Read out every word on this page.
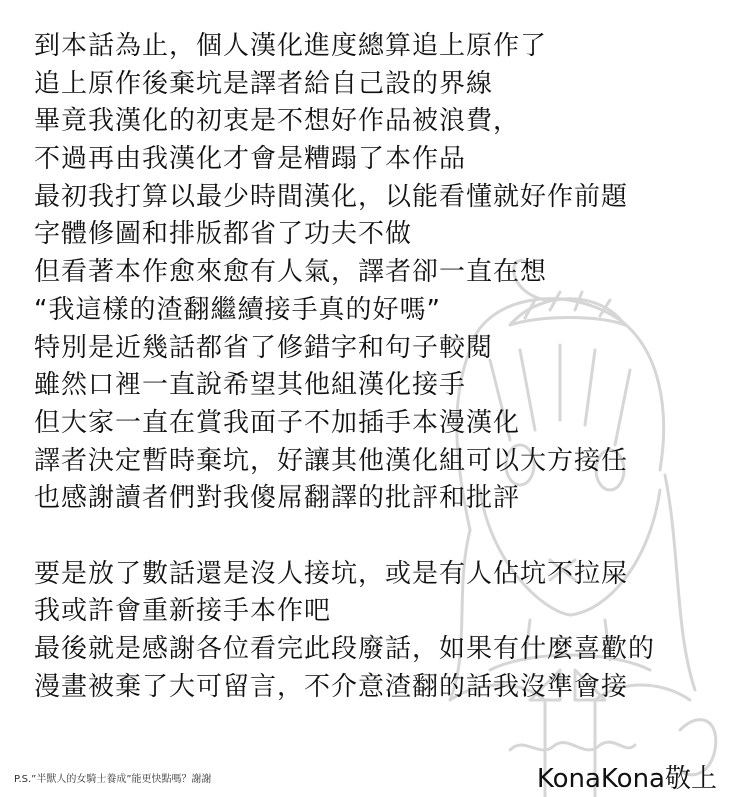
到本話為止，個人漢化進度總算追上原作了
追上原作後棄坑是譯者給自己設的界線
畢竟我漢化的初衷是不想好作品被浪費，
不過再由我漢化才會是糟蹋了本作品
最初我打算以最少時間漢化，以能看懂就好作前題
字體修圖和排版都省了功夫不做
但看著本作愈來愈有人氣，譯者卻一直在想
“我這樣的渣翻繼續接手真的好嗎”
特別是近幾話都省了修錯字和句子較閱
雖然口裡一直說希望其他組漢化接手
但大家一直在賞我面子不加插手本漫漢化
譯者決定暫時棄坑，好讓其他漢化組可以大方接任
也感謝讀者們對我傻屌翻譯的批評和批評
要是放了數話還是沒人接坑，或是有人佔坑不拉屎
我或許會重新接手本作吧
最後就是感謝各位看完此段廢話，如果有什麼喜歡的
漫畫被棄了大可留言，不介意渣翻的話我沒準會接
P.S.”半獸人的女騎士養成”能更快點嗎？謝謝	KonaKona敬上
